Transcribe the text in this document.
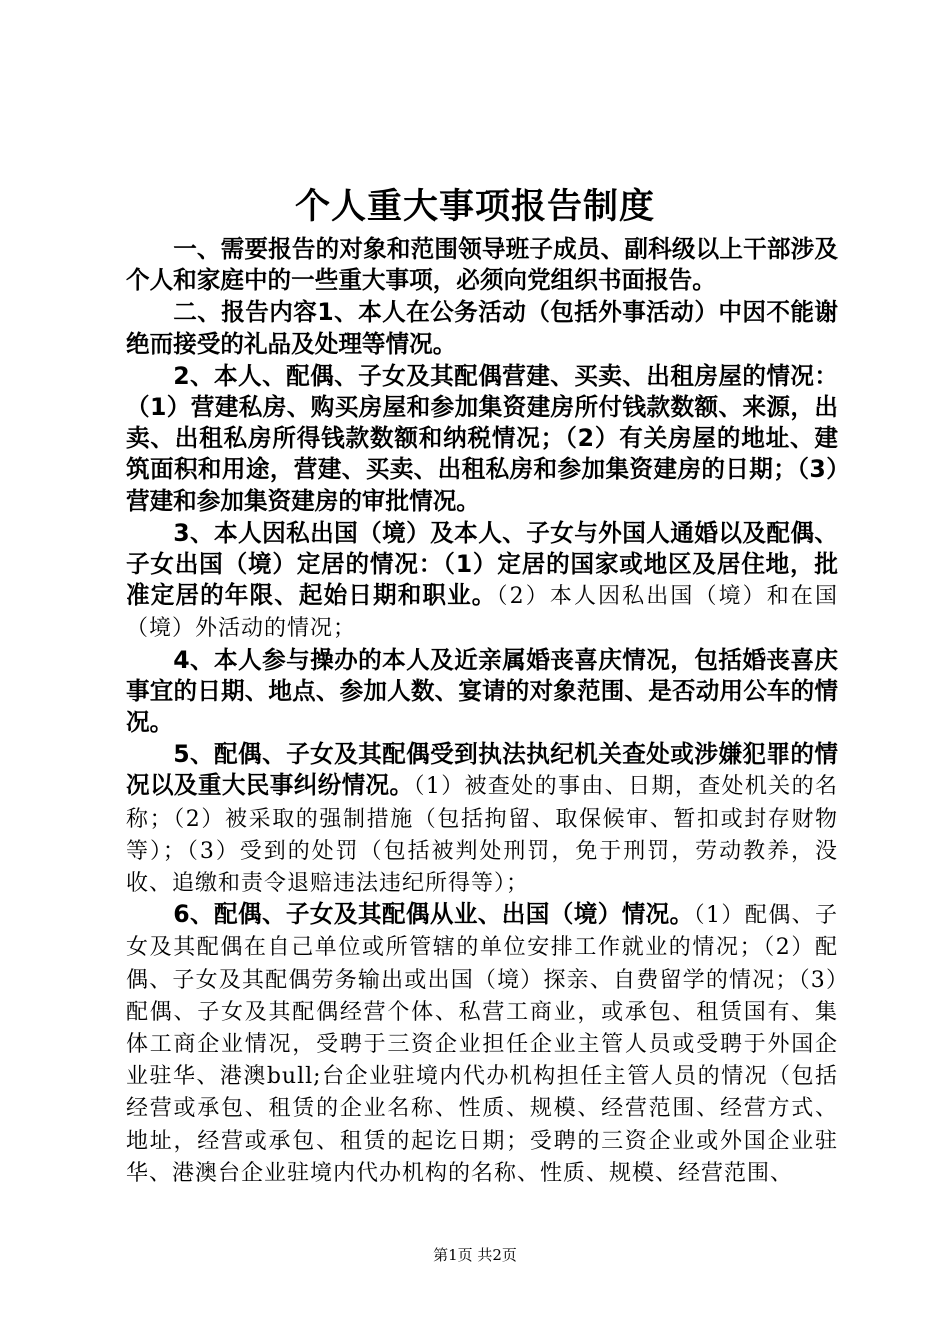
个人重大事项报告制度

一、需要报告的对象和范围领导班子成员、副科级以上干部涉及个人和家庭中的一些重大事项，必须向党组织书面报告。

二、报告内容1、本人在公务活动（包括外事活动）中因不能谢绝而接受的礼品及处理等情况。

2、本人、配偶、子女及其配偶营建、买卖、出租房屋的情况：（1）营建私房、购买房屋和参加集资建房所付钱款数额、来源，出卖、出租私房所得钱款数额和纳税情况；（2）有关房屋的地址、建筑面积和用途，营建、买卖、出租私房和参加集资建房的日期；（3）营建和参加集资建房的审批情况。

3、本人因私出国（境）及本人、子女与外国人通婚以及配偶、子女出国（境）定居的情况：（1）定居的国家或地区及居住地，批准定居的年限、起始日期和职业。（2）本人因私出国（境）和在国（境）外活动的情况；

4、本人参与操办的本人及近亲属婚丧喜庆情况，包括婚丧喜庆事宜的日期、地点、参加人数、宴请的对象范围、是否动用公车的情况。

5、配偶、子女及其配偶受到执法执纪机关查处或涉嫌犯罪的情况以及重大民事纠纷情况。（1）被查处的事由、日期，查处机关的名称；（2）被采取的强制措施（包括拘留、取保候审、暂扣或封存财物等）；（3）受到的处罚（包括被判处刑罚，免于刑罚，劳动教养，没收、追缴和责令退赔违法违纪所得等）；

6、配偶、子女及其配偶从业、出国（境）情况。（1）配偶、子女及其配偶在自己单位或所管辖的单位安排工作就业的情况；（2）配偶、子女及其配偶劳务输出或出国（境）探亲、自费留学的情况；（3）配偶、子女及其配偶经营个体、私营工商业，或承包、租赁国有、集体工商企业情况，受聘于三资企业担任企业主管人员或受聘于外国企业驻华、港澳bull;台企业驻境内代办机构担任主管人员的情况（包括经营或承包、租赁的企业名称、性质、规模、经营范围、经营方式、地址，经营或承包、租赁的起讫日期；受聘的三资企业或外国企业驻华、港澳台企业驻境内代办机构的名称、性质、规模、经营范围、

第1页 共2页
